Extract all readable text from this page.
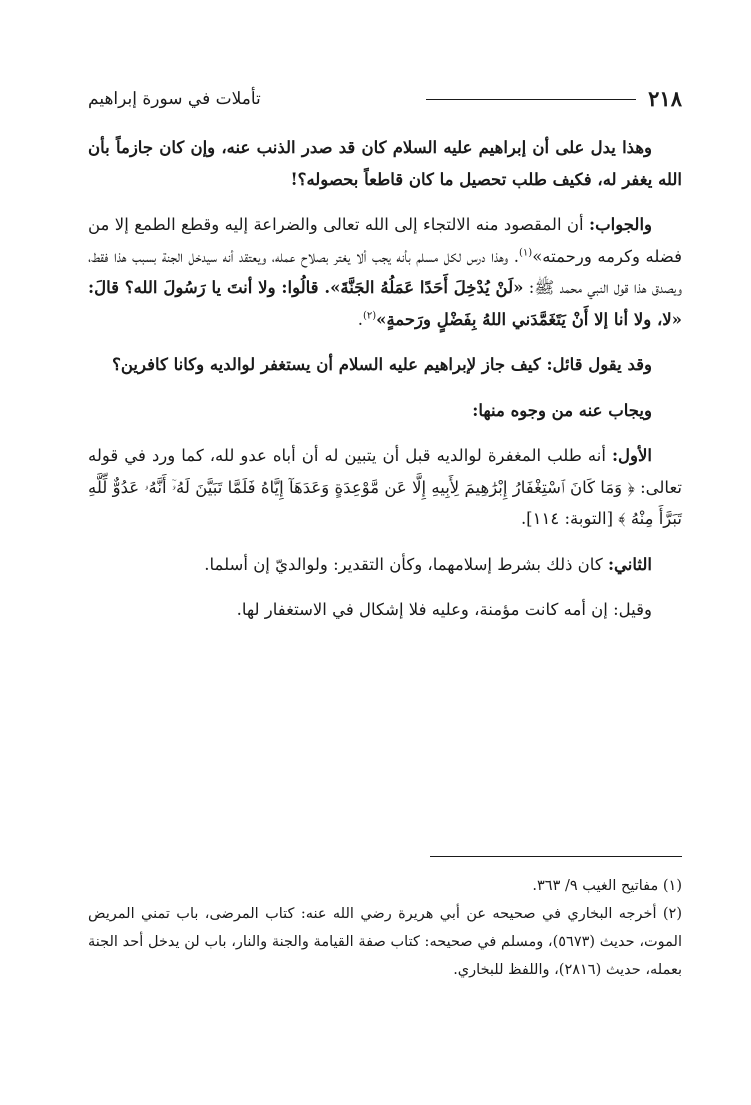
٢١٨
تأملات في سورة إبراهيم

وهذا يدل على أن إبراهيم عليه السلام كان قد صدر الذنب عنه، وإن كان جازماً بأن الله يغفر له، فكيف طلب تحصيل ما كان قاطعاً بحصوله؟!

والجواب: أن المقصود منه الالتجاء إلى الله تعالى والضراعة إليه وقطع الطمع إلا من فضله وكرمه ورحمته»$^{(١)}$. وهذا درس لكل مسلم بأنه يجب ألا يغتر بصلاح عمله، ويعتقد أنه سيدخل الجنة بسبب هذا فقط، ويصدق هذا قول النبي محمد ﷺ: «لَنْ يُدْخِلَ أَحَدًا عَمَلُهُ الجَنَّةَ». قالُوا: ولا أنتَ يا رَسُولَ الله؟ قالَ: «لا، ولا أنا إلا أَنْ يَتَغَمَّدَني اللهُ بِفَضْلٍ ورَحمةٍ»$^{(٢)}$.

وقد يقول قائل: كيف جاز لإبراهيم عليه السلام أن يستغفر لوالديه وكانا كافرين؟

ويجاب عنه من وجوه منها:

الأول: أنه طلب المغفرة لوالديه قبل أن يتبين له أن أباه عدو لله، كما ورد في قوله تعالى: ﴿ وَمَا كَانَ ٱسْتِغْفَارُ إِبْرَٰهِيمَ لِأَبِيهِ إِلَّا عَن مَّوْعِدَةٍ وَعَدَهَآ إِيَّاهُ فَلَمَّا تَبَيَّنَ لَهُۥٓ أَنَّهُۥ عَدُوٌّ لِّلَّهِ تَبَرَّأَ مِنْهُ ﴾ [التوبة: ١١٤].

الثاني: كان ذلك بشرط إسلامهما، وكأن التقدير: ولوالديّ إن أسلما.

وقيل: إن أمه كانت مؤمنة، وعليه فلا إشكال في الاستغفار لها.

(١) مفاتيح الغيب ٩/ ٣٦٣.

(٢) أخرجه البخاري في صحيحه عن أبي هريرة رضي الله عنه: كتاب المرضى، باب تمني المريض الموت، حديث (٥٦٧٣)، ومسلم في صحيحه: كتاب صفة القيامة والجنة والنار، باب لن يدخل أحد الجنة بعمله، حديث (٢٨١٦)، واللفظ للبخاري.
